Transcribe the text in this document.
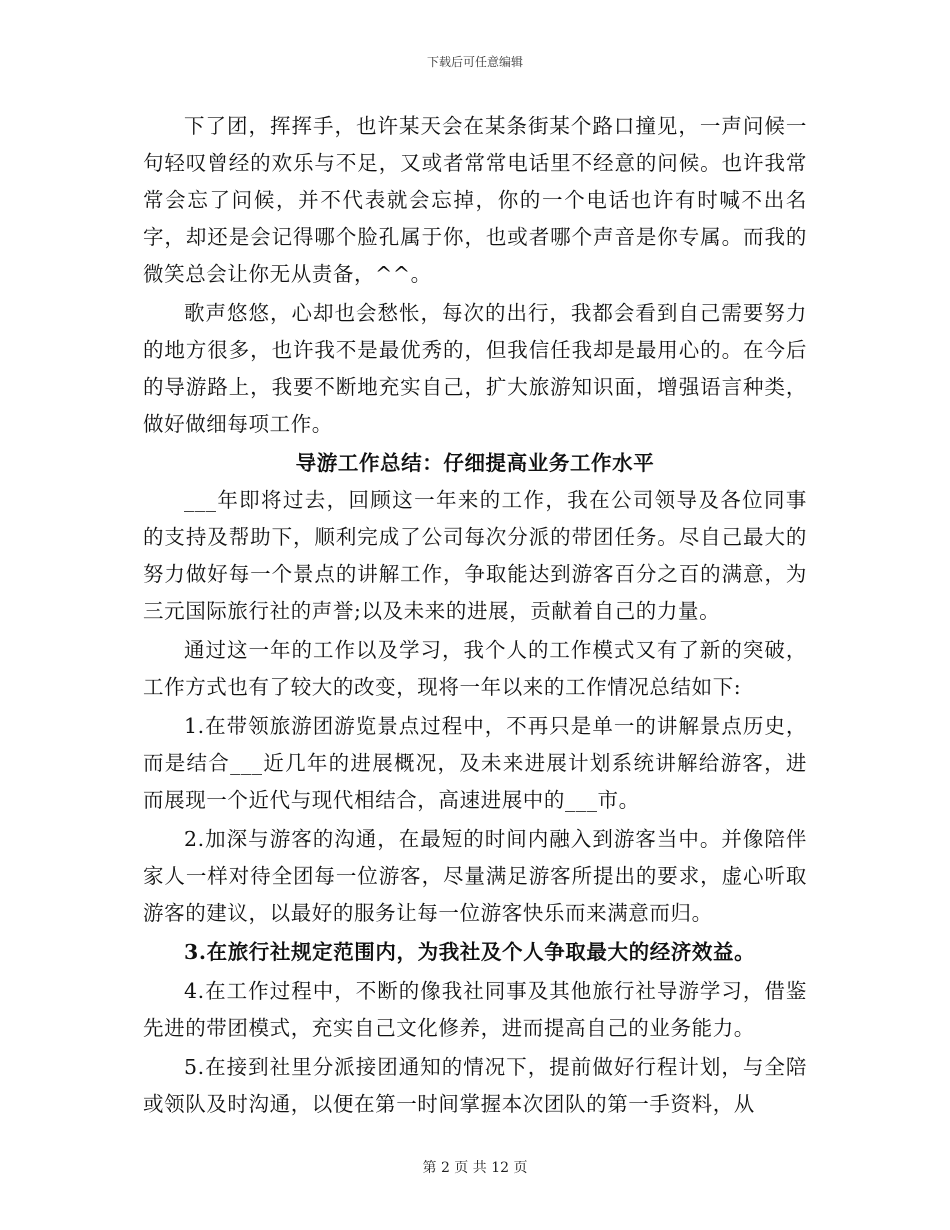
下载后可任意编辑

下了团，挥挥手，也许某天会在某条街某个路口撞见，一声问候一句轻叹曾经的欢乐与不足，又或者常常电话里不经意的问候。也许我常常会忘了问候，并不代表就会忘掉，你的一个电话也许有时喊不出名字，却还是会记得哪个脸孔属于你，也或者哪个声音是你专属。而我的微笑总会让你无从责备，^^。

歌声悠悠，心却也会愁怅，每次的出行，我都会看到自己需要努力的地方很多，也许我不是最优秀的，但我信任我却是最用心的。在今后的导游路上，我要不断地充实自己，扩大旅游知识面，增强语言种类，做好做细每项工作。

导游工作总结：仔细提高业务工作水平

___年即将过去，回顾这一年来的工作，我在公司领导及各位同事的支持及帮助下，顺利完成了公司每次分派的带团任务。尽自己最大的努力做好每一个景点的讲解工作，争取能达到游客百分之百的满意，为三元国际旅行社的声誉;以及未来的进展，贡献着自己的力量。

通过这一年的工作以及学习，我个人的工作模式又有了新的突破，工作方式也有了较大的改变，现将一年以来的工作情况总结如下:

1.在带领旅游团游览景点过程中，不再只是单一的讲解景点历史，而是结合___近几年的进展概况，及未来进展计划系统讲解给游客，进而展现一个近代与现代相结合，高速进展中的___市。

2.加深与游客的沟通，在最短的时间内融入到游客当中。并像陪伴家人一样对待全团每一位游客，尽量满足游客所提出的要求，虚心听取游客的建议，以最好的服务让每一位游客快乐而来满意而归。

3.在旅行社规定范围内，为我社及个人争取最大的经济效益。

4.在工作过程中，不断的像我社同事及其他旅行社导游学习，借鉴先进的带团模式，充实自己文化修养，进而提高自己的业务能力。

5.在接到社里分派接团通知的情况下，提前做好行程计划，与全陪或领队及时沟通，以便在第一时间掌握本次团队的第一手资料，从

第 2 页 共 12 页
